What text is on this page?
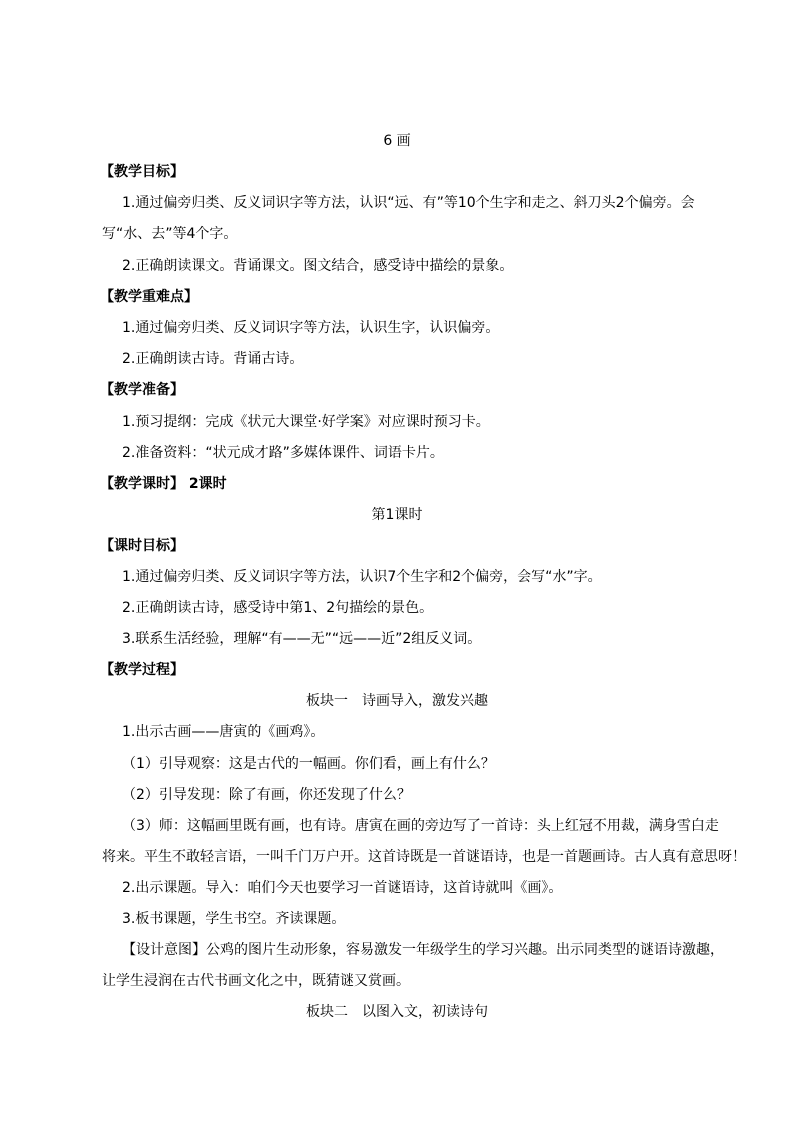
6 画
【教学目标】
1.通过偏旁归类、反义词识字等方法，认识“远、有”等10个生字和走之、斜刀头2个偏旁。会
写“水、去”等4个字。
2.正确朗读课文。背诵课文。图文结合，感受诗中描绘的景象。
【教学重难点】
1.通过偏旁归类、反义词识字等方法，认识生字，认识偏旁。
2.正确朗读古诗。背诵古诗。
【教学准备】
1.预习提纲：完成《状元大课堂·好学案》对应课时预习卡。
2.准备资料：“状元成才路”多媒体课件、词语卡片。
【教学课时】 2课时
第1课时
【课时目标】
1.通过偏旁归类、反义词识字等方法，认识7个生字和2个偏旁，会写“水”字。
2.正确朗读古诗，感受诗中第1、2句描绘的景色。
3.联系生活经验，理解“有——无”“远——近”2组反义词。
【教学过程】
板块一　诗画导入，激发兴趣
1.出示古画——唐寅的《画鸡》。
（1）引导观察：这是古代的一幅画。你们看，画上有什么？
（2）引导发现：除了有画，你还发现了什么？
（3）师：这幅画里既有画，也有诗。唐寅在画的旁边写了一首诗：头上红冠不用裁，满身雪白走
将来。平生不敢轻言语，一叫千门万户开。这首诗既是一首谜语诗，也是一首题画诗。古人真有意思呀！
2.出示课题。导入：咱们今天也要学习一首谜语诗，这首诗就叫《画》。
3.板书课题，学生书空。齐读课题。
【设计意图】公鸡的图片生动形象，容易激发一年级学生的学习兴趣。出示同类型的谜语诗激趣，
让学生浸润在古代书画文化之中，既猜谜又赏画。
板块二　以图入文，初读诗句
